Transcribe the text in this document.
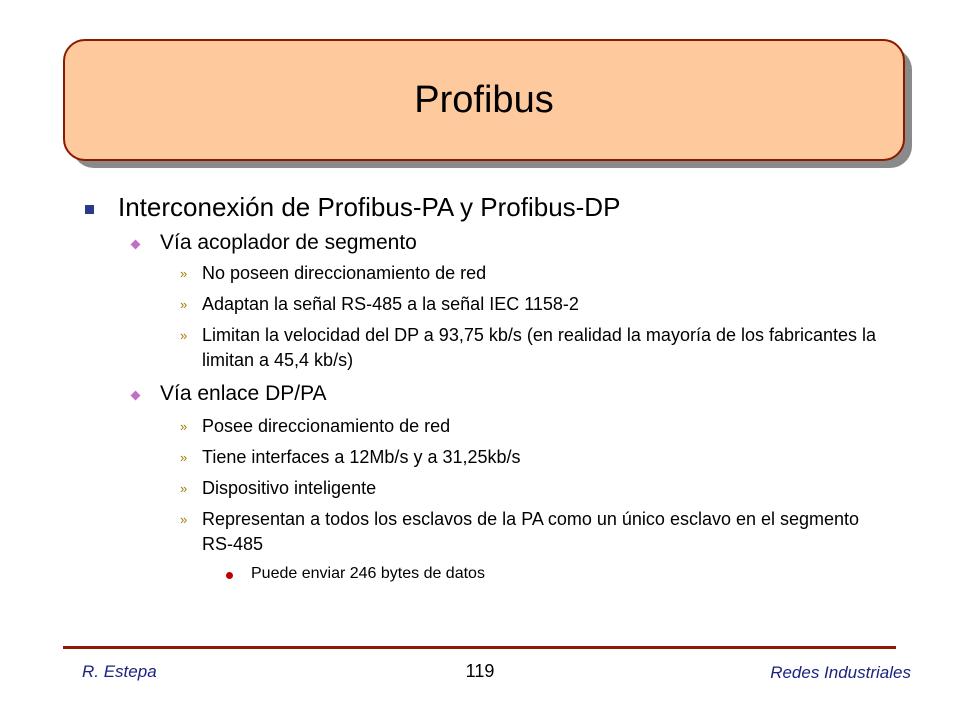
Profibus
Interconexión de Profibus-PA y Profibus-DP
Vía acoplador de segmento
» No poseen direccionamiento de red
» Adaptan la señal RS-485 a la señal IEC 1158-2
» Limitan la velocidad del DP a 93,75 kb/s (en realidad la mayoría de los fabricantes la limitan a 45,4 kb/s)
Vía enlace DP/PA
» Posee direccionamiento de red
» Tiene interfaces a 12Mb/s y a 31,25kb/s
» Dispositivo inteligente
» Representan a todos los esclavos de la PA como un único esclavo en el segmento RS-485
Puede enviar 246 bytes de datos
R. Estepa	119	Redes Industriales
